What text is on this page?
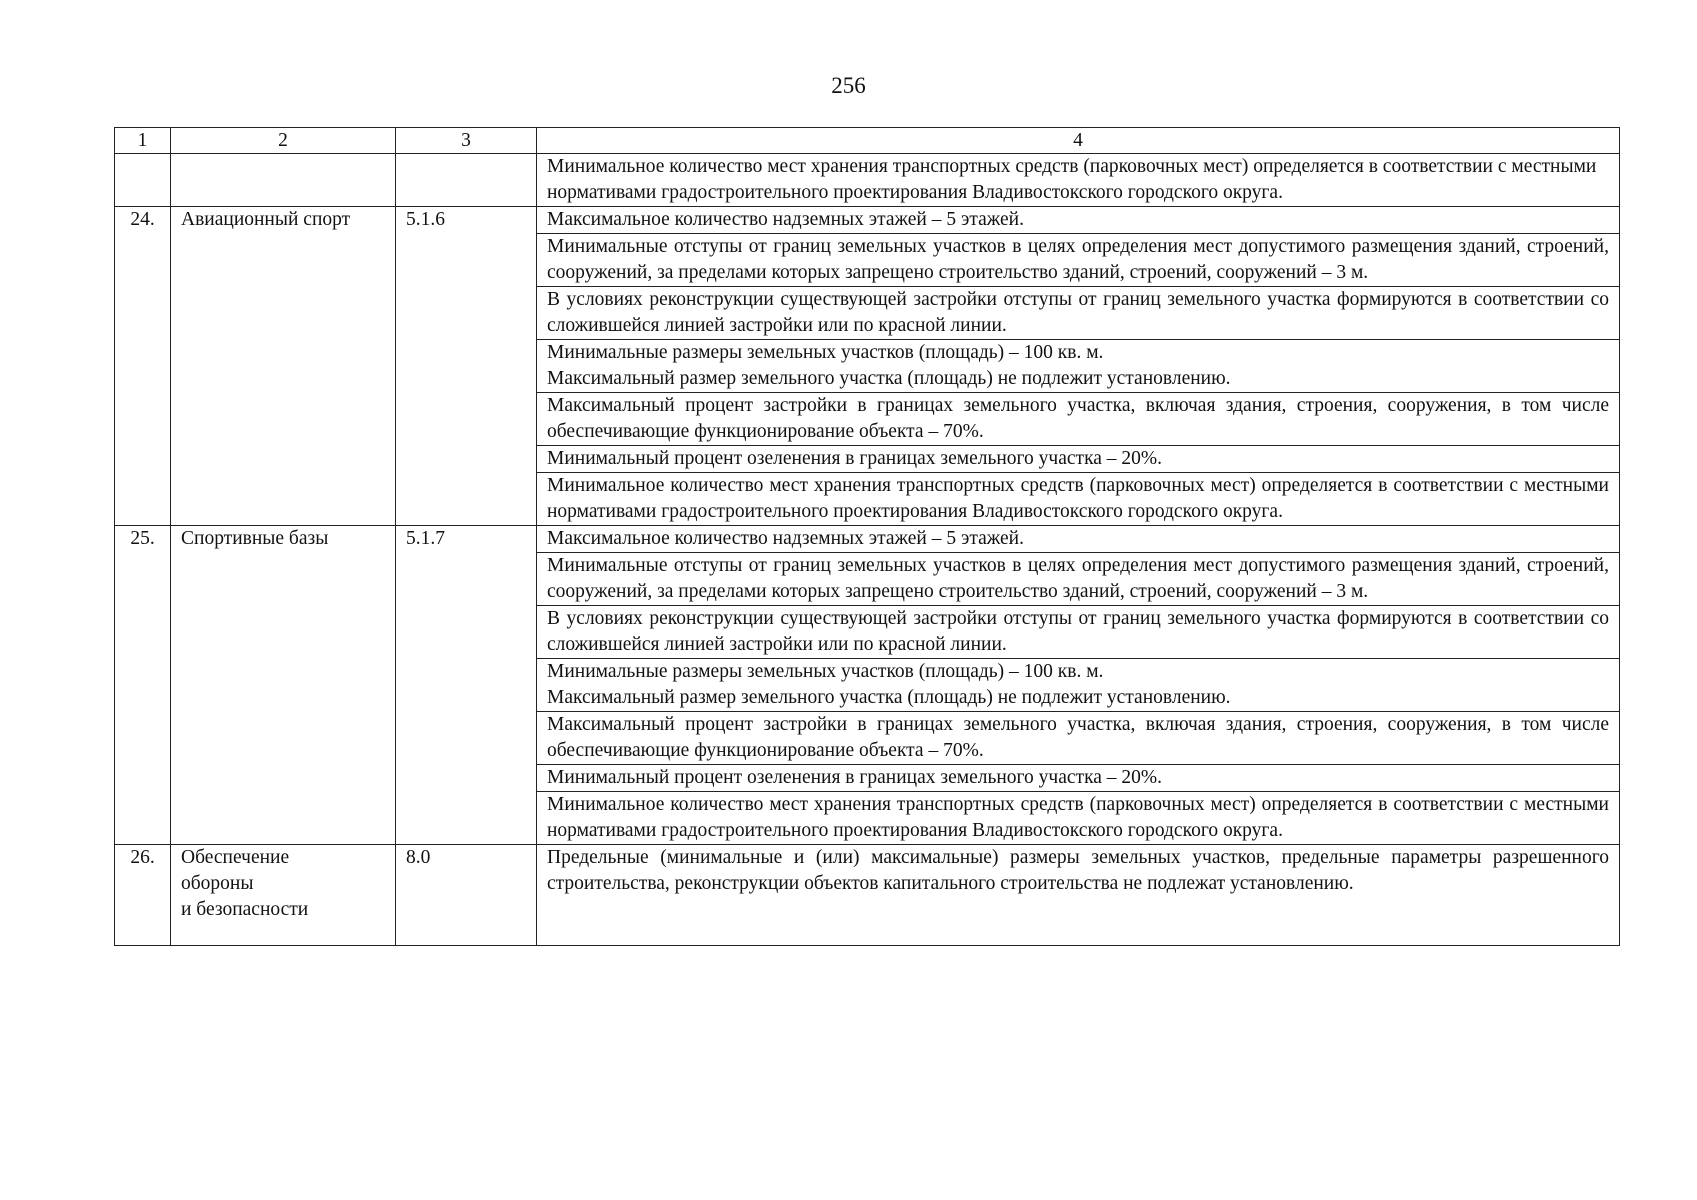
256
1	2	3	4
			Минимальное количество мест хранения транспортных средств (парковочных мест) определяется в соответствии с местными нормативами градостроительного проектирования Владивостокского городского округа.
24.	Авиационный спорт	5.1.6	Максимальное количество надземных этажей – 5 этажей.

			Минимальные отступы от границ земельных участков в целях определения мест допустимого размещения зданий, строений, сооружений, за пределами которых запрещено строительство зданий, строений, сооружений – 3 м.

			В условиях реконструкции существующей застройки отступы от границ земельного участка формируются в соответствии со сложившейся линией застройки или по красной линии.

			Минимальные размеры земельных участков (площадь) – 100 кв. м.
Максимальный размер земельного участка (площадь) не подлежит установлению.

			Максимальный процент застройки в границах земельного участка, включая здания, строения, сооружения, в том числе обеспечивающие функционирование объекта – 70%.

			Минимальный процент озеленения в границах земельного участка – 20%.

			Минимальное количество мест хранения транспортных средств (парковочных мест) определяется в соответствии с местными нормативами градостроительного проектирования Владивостокского городского округа.

25.	Спортивные базы	5.1.7	Максимальное количество надземных этажей – 5 этажей.

			Минимальные отступы от границ земельных участков в целях определения мест допустимого размещения зданий, строений, сооружений, за пределами которых запрещено строительство зданий, строений, сооружений – 3 м.

			В условиях реконструкции существующей застройки отступы от границ земельного участка формируются в соответствии со сложившейся линией застройки или по красной линии.

			Минимальные размеры земельных участков (площадь) – 100 кв. м.
Максимальный размер земельного участка (площадь) не подлежит установлению.

			Максимальный процент застройки в границах земельного участка, включая здания, строения, сооружения, в том числе обеспечивающие функционирование объекта – 70%.

			Минимальный процент озеленения в границах земельного участка – 20%.

			Минимальное количество мест хранения транспортных средств (парковочных мест) определяется в соответствии с местными нормативами градостроительного проектирования Владивостокского городского округа.

26.	Обеспечение
обороны
и безопасности	8.0	Предельные (минимальные и (или) максимальные) размеры земельных участков, предельные параметры разрешенного строительства, реконструкции объектов капитального строительства не подлежат установлению.
